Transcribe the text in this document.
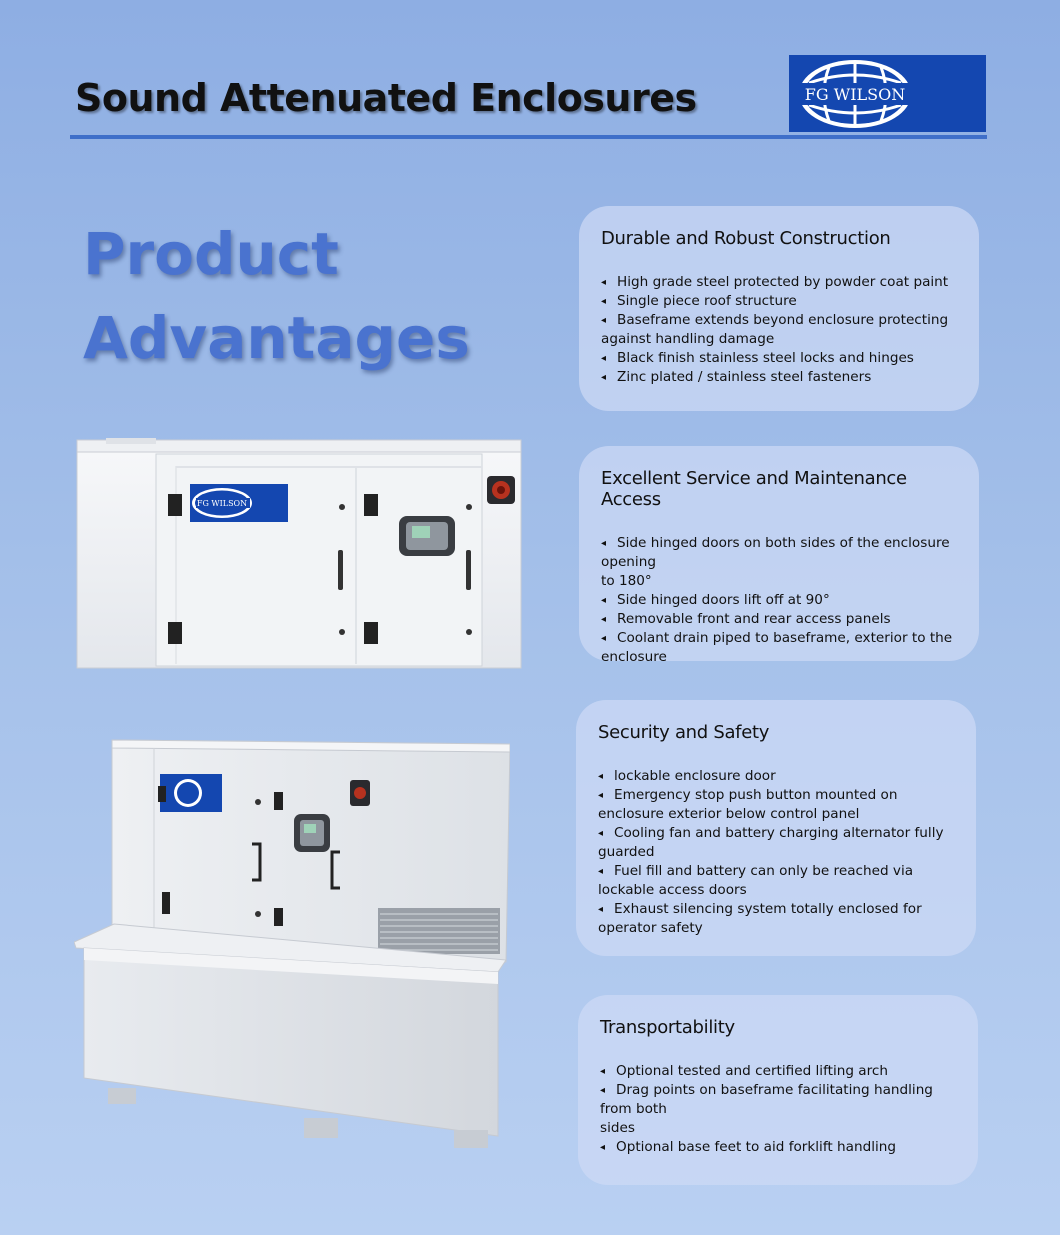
Sound Attenuated Enclosures	FG WILSON
Product
Advantages
FG WILSON
Durable and Robust Construction
◂ High grade steel protected by powder coat paint
◂ Single piece roof structure
◂ Baseframe extends beyond enclosure protecting against handling damage
◂ Black finish stainless steel locks and hinges
◂ Zinc plated / stainless steel fasteners
Excellent Service and Maintenance Access
◂ Side hinged doors on both sides of the enclosure opening
to 180°
◂ Side hinged doors lift off at 90°
◂ Removable front and rear access panels
◂ Coolant drain piped to baseframe, exterior to the enclosure
Security and Safety
◂ lockable enclosure door
◂ Emergency stop push button mounted on enclosure exterior below control panel
◂ Cooling fan and battery charging alternator fully guarded
◂ Fuel fill and battery can only be reached via lockable access doors
◂ Exhaust silencing system totally enclosed for operator safety
Transportability
◂ Optional tested and certified lifting arch
◂ Drag points on baseframe facilitating handling from both
sides
◂ Optional base feet to aid forklift handling
